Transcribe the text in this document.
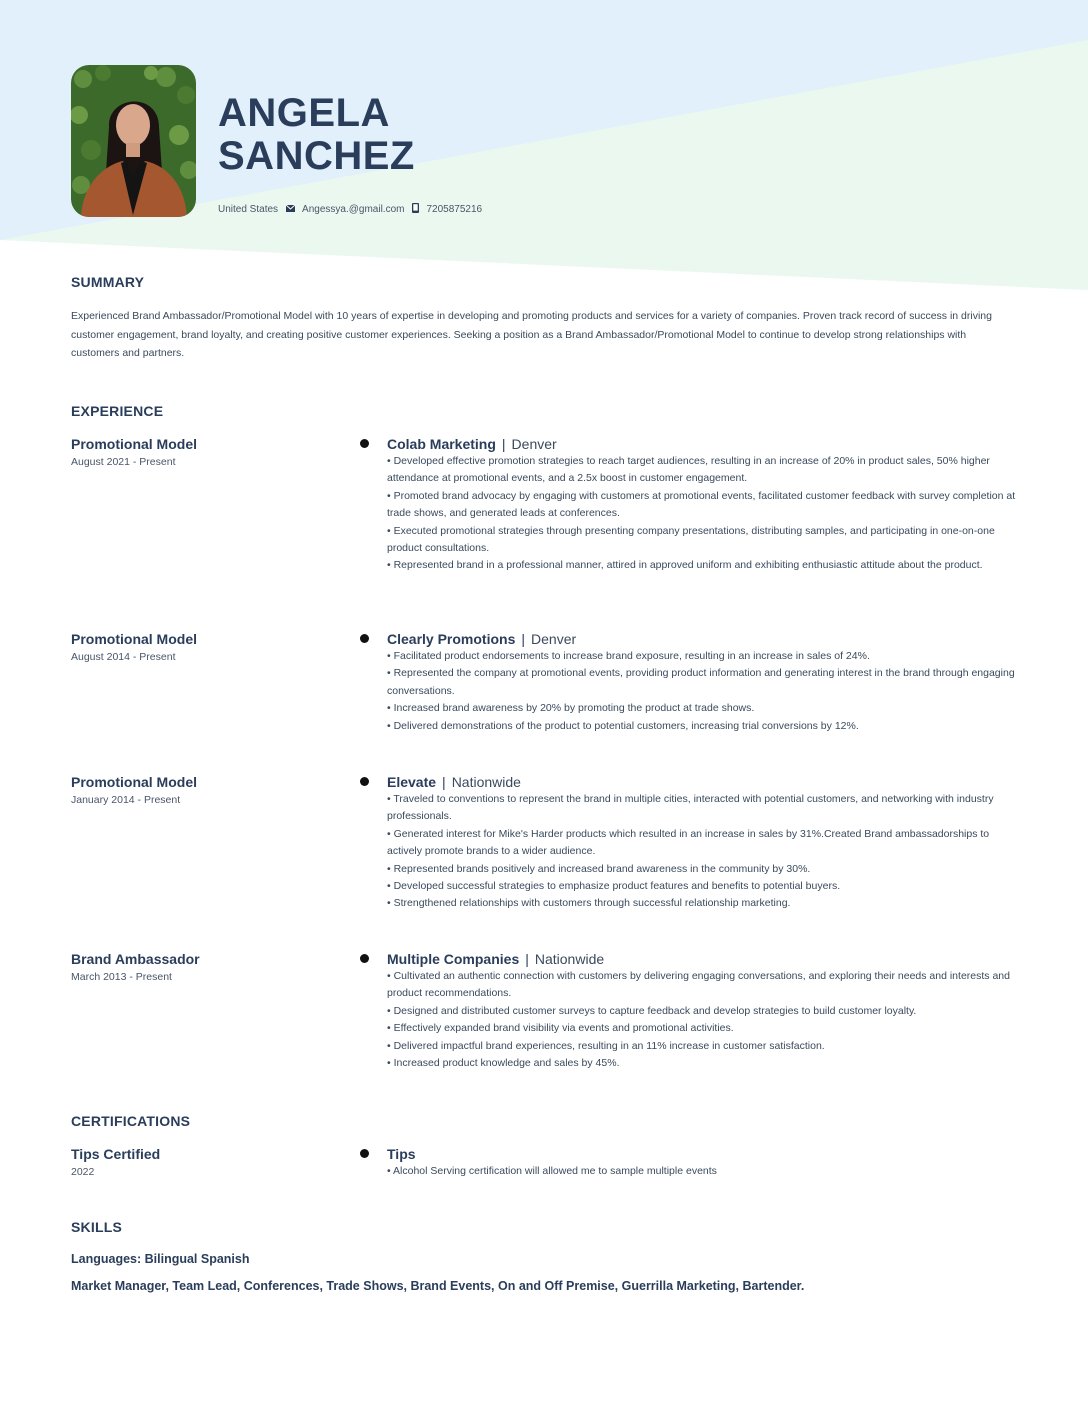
ANGELA
SANCHEZ
United States Angessya.@gmail.com 7205875216
SUMMARY

Experienced Brand Ambassador/Promotional Model with 10 years of expertise in developing and promoting products and services for a variety of companies. Proven track record of success in driving customer engagement, brand loyalty, and creating positive customer experiences. Seeking a position as a Brand Ambassador/Promotional Model to continue to develop strong relationships with customers and partners.

EXPERIENCE
Promotional Model
August 2021 - Present
Colab Marketing | Denver
• Developed effective promotion strategies to reach target audiences, resulting in an increase of 20% in product sales, 50% higher attendance at promotional events, and a 2.5x boost in customer engagement.
• Promoted brand advocacy by engaging with customers at promotional events, facilitated customer feedback with survey completion at trade shows, and generated leads at conferences.
• Executed promotional strategies through presenting company presentations, distributing samples, and participating in one-on-one product consultations.
• Represented brand in a professional manner, attired in approved uniform and exhibiting enthusiastic attitude about the product.
Promotional Model
August 2014 - Present
Clearly Promotions | Denver
• Facilitated product endorsements to increase brand exposure, resulting in an increase in sales of 24%.
• Represented the company at promotional events, providing product information and generating interest in the brand through engaging conversations.
• Increased brand awareness by 20% by promoting the product at trade shows.
• Delivered demonstrations of the product to potential customers, increasing trial conversions by 12%.
Promotional Model
January 2014 - Present
Elevate | Nationwide
• Traveled to conventions to represent the brand in multiple cities, interacted with potential customers, and networking with industry professionals.
• Generated interest for Mike's Harder products which resulted in an increase in sales by 31%.Created Brand ambassadorships to actively promote brands to a wider audience.
• Represented brands positively and increased brand awareness in the community by 30%.
• Developed successful strategies to emphasize product features and benefits to potential buyers.
• Strengthened relationships with customers through successful relationship marketing.
Brand Ambassador
March 2013 - Present
Multiple Companies | Nationwide
• Cultivated an authentic connection with customers by delivering engaging conversations, and exploring their needs and interests and product recommendations.
• Designed and distributed customer surveys to capture feedback and develop strategies to build customer loyalty.
• Effectively expanded brand visibility via events and promotional activities.
• Delivered impactful brand experiences, resulting in an 11% increase in customer satisfaction.
• Increased product knowledge and sales by 45%.
CERTIFICATIONS
Tips Certified
2022
Tips
• Alcohol Serving certification will allowed me to sample multiple events
SKILLS
Languages: Bilingual Spanish
Market Manager, Team Lead, Conferences, Trade Shows, Brand Events, On and Off Premise, Guerrilla Marketing, Bartender.
